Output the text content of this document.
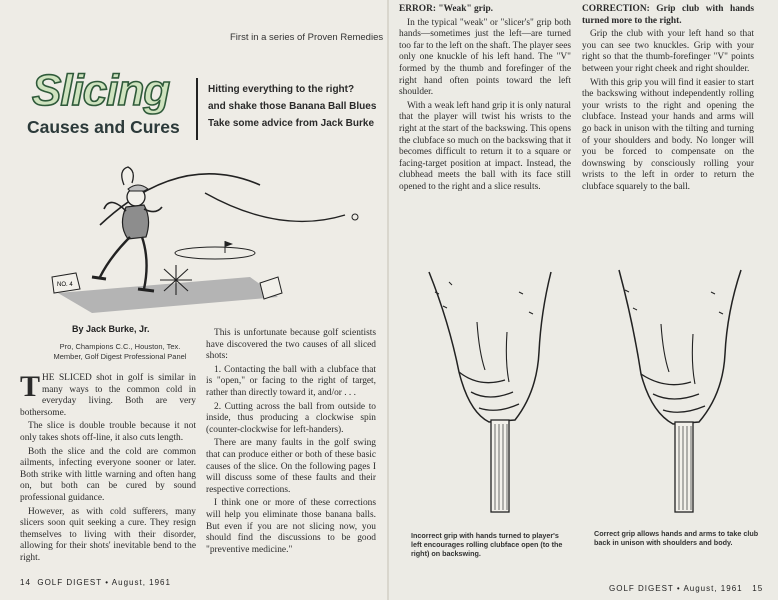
First in a series of Proven Remedies
Slicing
Causes and Cures
Hitting everything to the right?
and shake those Banana Ball Blues
Take some advice from Jack Burke
NO. 4
By Jack Burke, Jr.
Pro, Champions C.C., Houston, Tex. Member, Golf Digest Professional Panel

THE SLICED shot in golf is similar in many ways to the common cold in everyday living. Both are very bothersome.

The slice is double trouble because it not only takes shots off-line, it also cuts length.

Both the slice and the cold are common ailments, infecting everyone sooner or later. Both strike with little warning and often hang on, but both can be cured by sound professional guidance.

However, as with cold sufferers, many slicers soon quit seeking a cure. They resign themselves to living with their disorder, allowing for their shots' inevitable bend to the right.

This is unfortunate because golf scientists have discovered the two causes of all sliced shots:

1. Contacting the ball with a clubface that is "open," or facing to the right of target, rather than directly toward it, and/or . . .

2. Cutting across the ball from outside to inside, thus producing a clockwise spin (counter-clockwise for left-handers).

There are many faults in the golf swing that can produce either or both of these basic causes of the slice. On the following pages I will discuss some of these faults and their respective corrections.

I think one or more of these corrections will help you eliminate those banana balls. But even if you are not slicing now, you should find the discussions to be good "preventive medicine."

14 GOLF DIGEST • August, 1961

ERROR: "Weak" grip.

In the typical "weak" or "slicer's" grip both hands—sometimes just the left—are turned too far to the left on the shaft. The player sees only one knuckle of his left hand. The "V" formed by the thumb and forefinger of the right hand often points toward the left shoulder.

With a weak left hand grip it is only natural that the player will twist his wrists to the right at the start of the backswing. This opens the clubface so much on the backswing that it becomes difficult to return it to a square or facing-target position at impact. Instead, the clubhead meets the ball with its face still opened to the right and a slice results.

CORRECTION: Grip club with hands turned more to the right.

Grip the club with your left hand so that you can see two knuckles. Grip with your right so that the thumb-forefinger "V" points between your right cheek and right shoulder.

With this grip you will find it easier to start the backswing without independently rolling your wrists to the right and opening the clubface. Instead your hands and arms will go back in unison with the tilting and turning of your shoulders and body. No longer will you be forced to compensate on the downswing by consciously rolling your wrists to the left in order to return the clubface squarely to the ball.

Incorrect grip with hands turned to player's left encourages rolling clubface open (to the right) on backswing.
Correct grip allows hands and arms to take club back in unison with shoulders and body.
GOLF DIGEST • August, 1961 15
